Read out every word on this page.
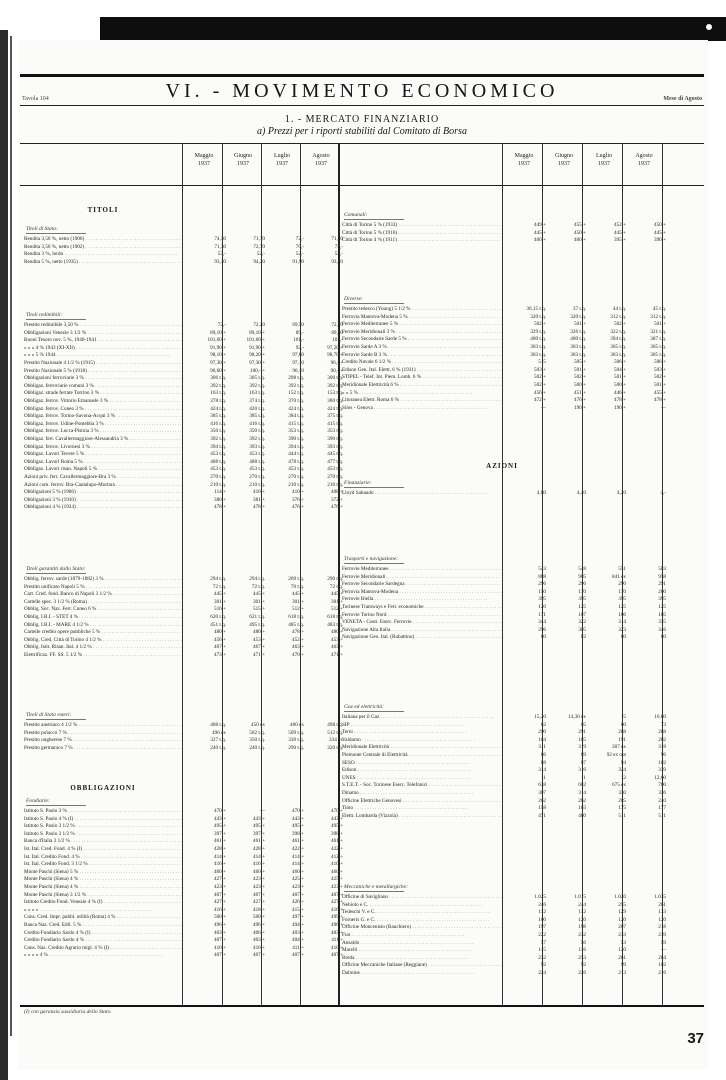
VI. - MOVIMENTO ECONOMICO
Tavola 104	Mese di Agosto
1. - MERCATO FINANZIARIO
a) Prezzi per i riporti stabiliti dal Comitato di Borsa
Maggio
1937
Giugno
1937
Luglio
1937
Agosto
1937
Maggio
1937
Giugno
1937
Luglio
1937
Agosto
1937
TITOLI
Titoli di Stato:
Rendita 3,50 %, netto (1906) . . .	74,30	71,70	72,-	71,20
Rendita 3,50 %, netto (1902) . . .	71,30	72,70	70,-	72,-
Rendita 3 %, lordo . . .	53,-	52,-	52,-	53,-
Rendita 5 %, netto (1935) . . .	93,30	94,20	91,90	93,10
Titoli redimibili:
Prestito redimibile 3,50 % . . .	72,-	72,20	69,50	72,70
Obbligazioni Venezie 3 1/2 % . . .	89,10 +	89,10 +	89,-	89,50
Buoni Tesoro nov. 5 %, 1940-1941 . . .	101,60 +	101,60 +	101,-	101,-
» » » 4 % 1943 (XI-XII) . . .	91,90 +	91,90 +	92,-	97,20 +
» » » 5 % 1944 . . .	98,10 +	98,20 +	97,60	98,70 +
Prestito Nazionale 4 1/2 % (1915) . . .	97,30 +	97,30 +	97,10	96,- +
Prestito Nazionale 5 % (1918) . . .	96,60 +	100,- +	96,10	90,- +
Obbligazioni ferroviarie 3 % . . .	306 t.q.	305 t.q.	298 t.q.	300 t.q.
Obbligaz. ferroviarie comuni 3 % . . .	392 t.q.	392 t.q.	392 t.q.	392 t.q.
Obbligaz. strade ferrate Torrino 3 % . . .	163 t.q.	163 t.q.	152 t.q.	153 t.q.
Obbligaz. ferrov. Vittorio Emanuele 3 % . . .	378 t.q.	374 t.q.	370 t.q.	380 t.q.
Obbligaz. ferrov. Cuneo 3 % . . .	424 t.q.	420 t.q.	424 t.q.	424 t.q.
Obbligaz. ferrov. Torino-Savona-Acqui 3 % . . .	385 t.q.	385 t.q.	384 t.q.	375 t.q.
Obbligaz. ferrov. Udine-Pontebba 3 % . . .	416 t.q.	416 t.q.	415 t.q.	415 t.q.
Obbligaz. ferrov. Lucca-Pistoia 3 % . . .	350 t.q.	350 t.q.	353 t.q.	353 t.q.
Obbligaz. ferr. Cavallermaggiore-Alessandria 3 % . . .	392 t.q.	392 t.q.	390 t.q.	390 t.q.
Obbligaz. ferrov. Livornesi 3 % . . .	394 t.q.	393 t.q.	394 t.q.	393 t.q.
Obbligaz. Lavori Tevere 5 % . . .	453 t.q.	453 t.q.	444 t.q.	445 t.q.
Obbligaz. Lavori Roma 5 % . . .	488 t.q.	488 t.q.	478 t.q.	477 t.q.
Obbligaz. Lavori risan. Napoli 5 % . . .	453 t.q.	453 t.q.	453 t.q.	453 t.q.
Azioni priv. ferr. Cavallermaggiore-Bra 3 % . . .	270 t.q.	270 t.q.	270 t.q.	270 t.q.
Azioni com. ferrov. Bra-Cantalupo-Mortara . . .	210 t.q.	210 t.q.	210 t.q.	210 t.q.
Obbligazioni 5 % (1906) . . .	114 +	410 +	410 +	408 +
Obbligazioni 3 % (1910) . . .	380 +	381 +	376 +	372 +
Obbligazioni 4 % (1924) . . .	478 +	478 +	476 +	476 +
Titoli garantiti dallo Stato:
Obblig. ferrov. sarde (1879-1882) 3 % . . .	294 t.q.	294 t.q.	269 t.q.	290 t.q.
Prestito unificato Napoli 5 % . . .	72 t.q.	72 t.q.	70 t.q.	72 t.q.
Cart. Cred. fond. Banco di Napoli 3 1/2 % . . .	445 +	445 +	445 +	445 +
Cartelle spec. 3 1/2 % (Roma) . . .	301 +	301 +	301 +	301 +
Obblig. Soc. Naz. Ferr. Cuneo 6 % . . .	516 +	515 +	512 +	512 +
Obblig. I.R.I. - STET 4 % . . .	620 t.q.	621 t.q.	618 t.q.	618 t.q.
Obblig. I.R.I. - MARE 4 1/2 % . . .	451 t.q.	495 t.q.	485 t.q.	483 t.q.
Cartelle credito opere pubbliche 5 % . . .	480 +	480 +	478 +	480 +
Obblig. Cred. Città di Torino 4 1/2 % . . .	456 +	453 +	452 +	453 +
Obblig. Istit. Risan. Ital. 4 1/2 % . . .	467 +	467 +	463 +	463 +
Elettrificaz. FF. SS. 5 1/2 % . . .	473 +	471 +	470 +	471 +
Titoli di Stato esteri:
Prestito austriaco 4 1/2 % . . .	408 t.q.	450 ex	400 ex	498 t.q.
Prestito polacco 7 % . . .	496 ex	502 t.q.	509 t.q.	512 t.q.
Prestito ungherese 7 % . . .	327 t.q.	350 t.q.	330 t.q.	334 ex
Prestito germanico 7 % . . .	240 t.q.	240 t.q.	290 t.q.	320 t.q.
Fondiarie:
Istituto S. Paolo 3 % . . .	470 +	—	470 +	470 +
Istituto S. Paolo 4 % (I) . . .	443 +	443 +	443 +	443 +
Istituto S. Paolo 3 1/2 % . . .	495 +	495 +	495 +	495 +
Istituto S. Paolo 3 1/2 % . . .	397 +	397 +	398 +	398 +
Banca d'Italia 3 1/2 % . . .	461 +	461 +	461 +	461 +
Ist. Ital. Cred. Fond. 4 % (I) . . .	428 +	428 +	422 +	422 +
Ist. Ital. Credito Fond. 4 % . . .	414 +	414 +	414 +	412 +
Ist. Ital. Credito Fond. 3 1/2 % . . .	416 +	416 +	414 +	410 +
Monte Paschi (Siena) 5 % . . .	460 +	460 +	460 +	460 +
Monte Paschi (Siena) 4 % . . .	427 +	423 +	425 +	425 +
Monte Paschi (Siena) 4 % . . .	423 +	423 +	423 +	423 +
Monte Paschi (Siena) 3 1/2 % . . .	407 +	407 +	407 +	407 +
Istituto Credito Fond. Venezie 4 % (I) . . .	427 +	427 +	426 +	427 +
» » » » . . .	416 +	418 +	415 +	416 +
Cons. Cred. Impr. pubbl. utilità (Roma) 4 % . . .	500 +	500 +	497 +	499 +
Banca Naz. Cred. Edil. 5 % . . .	496 +	496 +	494 +	496 +
Credito Fondiario Sardo 4 % (I) . . .	403 +	406 +	403 +	403 +
Credito Fondiario Sardo 4 % . . .	407 +	403 +	404 +	411 +
Cons. Naz. Credito Agrario migl. 4 % (I) . . .	410 +	410 +	411 +	410 +
» » » » 4 % . . .	407 +	407 +	407 +	407 +
OBBLIGAZIONI
Comunali:
Città di Torino 5 % (1933) . . .	449 +	455 +	452 +	450 +
Città di Torino 5 % (1916) . . .	445 +	450 +	445 +	445 +
Città di Torino 4 % (1911) . . .	400 +	400 +	395 +	390 +
Diverse:
Prestito tedesco (Young) 5 1/2 % . . .	36,15 t.q.	37 t.q.	44 t.q.	45 t.q.
Ferrovia Mantova-Modena 5 % . . .	320 t.q.	320 t.q.	312 t.q.	312 t.q.
Ferrovie Mediterranee 5 % . . .	502 +	501 +	502 +	501 +
Ferrovie Meridionali 3 % . . .	329 t.q.	326 t.q.	322 t.q.	321 t.q.
Ferrovie Secondarie Sarde 5 % . . .	400 t.q.	400 t.q.	394 t.q.	387 t.q.
Ferrovie Sarde A 3 % . . .	303 t.q.	303 t.q.	305 t.q.	305 t.q.
Ferrovie Sarde B 3 % . . .	303 t.q.	303 t.q.	303 t.q.	305 t.q.
Credito Navale 6 1/2 % . . .	515	505 +	506 +	506 +
Edison Gen. Ital. Elettr. 6 % (1931) . . .	503 +	501 +	504 +	503 +
STIPEL - Telef. Int. Piem. Lomb. 6 % . . .	502 +	502 +	501 +	502 +
Meridionale Elettricità 6 % . . .	502 +	500 +	500 +	501 +
» » 5 % . . .	456 +	451 +	446 +	455 +
Litoranea Elettr. Roma 6 % . . .	472 +	476 +	478 +	478 +
Silos - Genova . . .	—	190 +	190 +	—
Finanziarie:
Lloyd Sabaudo . . .	4,80	4,40	4,20	4,-
Trasporti e navigazione:
Ferrovie Mediterranee . . .	543	548	551	583
Ferrovie Meridionali . . .	888	905	841 ex	958
Ferrovie Secondarie Sardegna . . .	296	296	290	291
Ferrovia Mantova-Modena . . .	150	170	170	200
Ferrovie Biella . . .	395	395	395	395
Torinese Tramways e Ferr. economiche . . .	120	125	125	125
Ferrovie Torino Nord . . .	171	167	166	165
VENETA - Costr. Eserc. Ferrovie . . .	344	322	314	335
Navigazione Alta Italia . . .	296	305	323	346
Navigazione Gen. Ital. (Rubattino) . . .	80	82	80	80
Gaz ed elettricità:
Italiana per il Gaz . . .	15,20	14,30 ex	15	16,60
SIP . . .	62	65	60	73
Terni . . .	290	291	288	288
Valdarno . . .	184	185	191	202
Meridionale Elettricità . . .	311	319	307 ex	318
Piemonte Centrale di Elettricità . . .	86	89	92 ex opt	96
SESO . . .	88	87	94	102
Edison . . .	314	316	324	339
UNES . . .	11	11	12	12,60
S.T.E.T. - Soc. Torinese Eserc. Telefonici . . .	638	682	675 ex	700
Dinamo . . .	307	314	330	336
Officine Elettriche Genovesi . . .	262	262	285	240
Timo . . .	158	163	175	177
Elettr. Lombarda (Vizzola) . . .	471	480	511	511
Meccaniche e metallurgiche:
Officine di Savigliano . . .	1.025	1.015	1.020	1.035
Nebiolo e C. . . .	246	244	255	261
Tedeschi V. e C. . . .	112	112	129	133
Forneris G. e C. . . .	100	120	120	120
Officine Moncenisio (Bauchiero) . . .	197	198	207	218
Fiat . . .	222	232	233	239
Ansaldo . . .	57	56	53	59
Marelli . . .	115	116	120	—
Breda . . .	232	253	261	284
Officine Meccaniche Italiane (Reggiane) . . .	92	92	99	102
Dalmine . . .	224	226	213	216
AZIONI
(I) con garanzia sussidiaria dello Stato.
37
